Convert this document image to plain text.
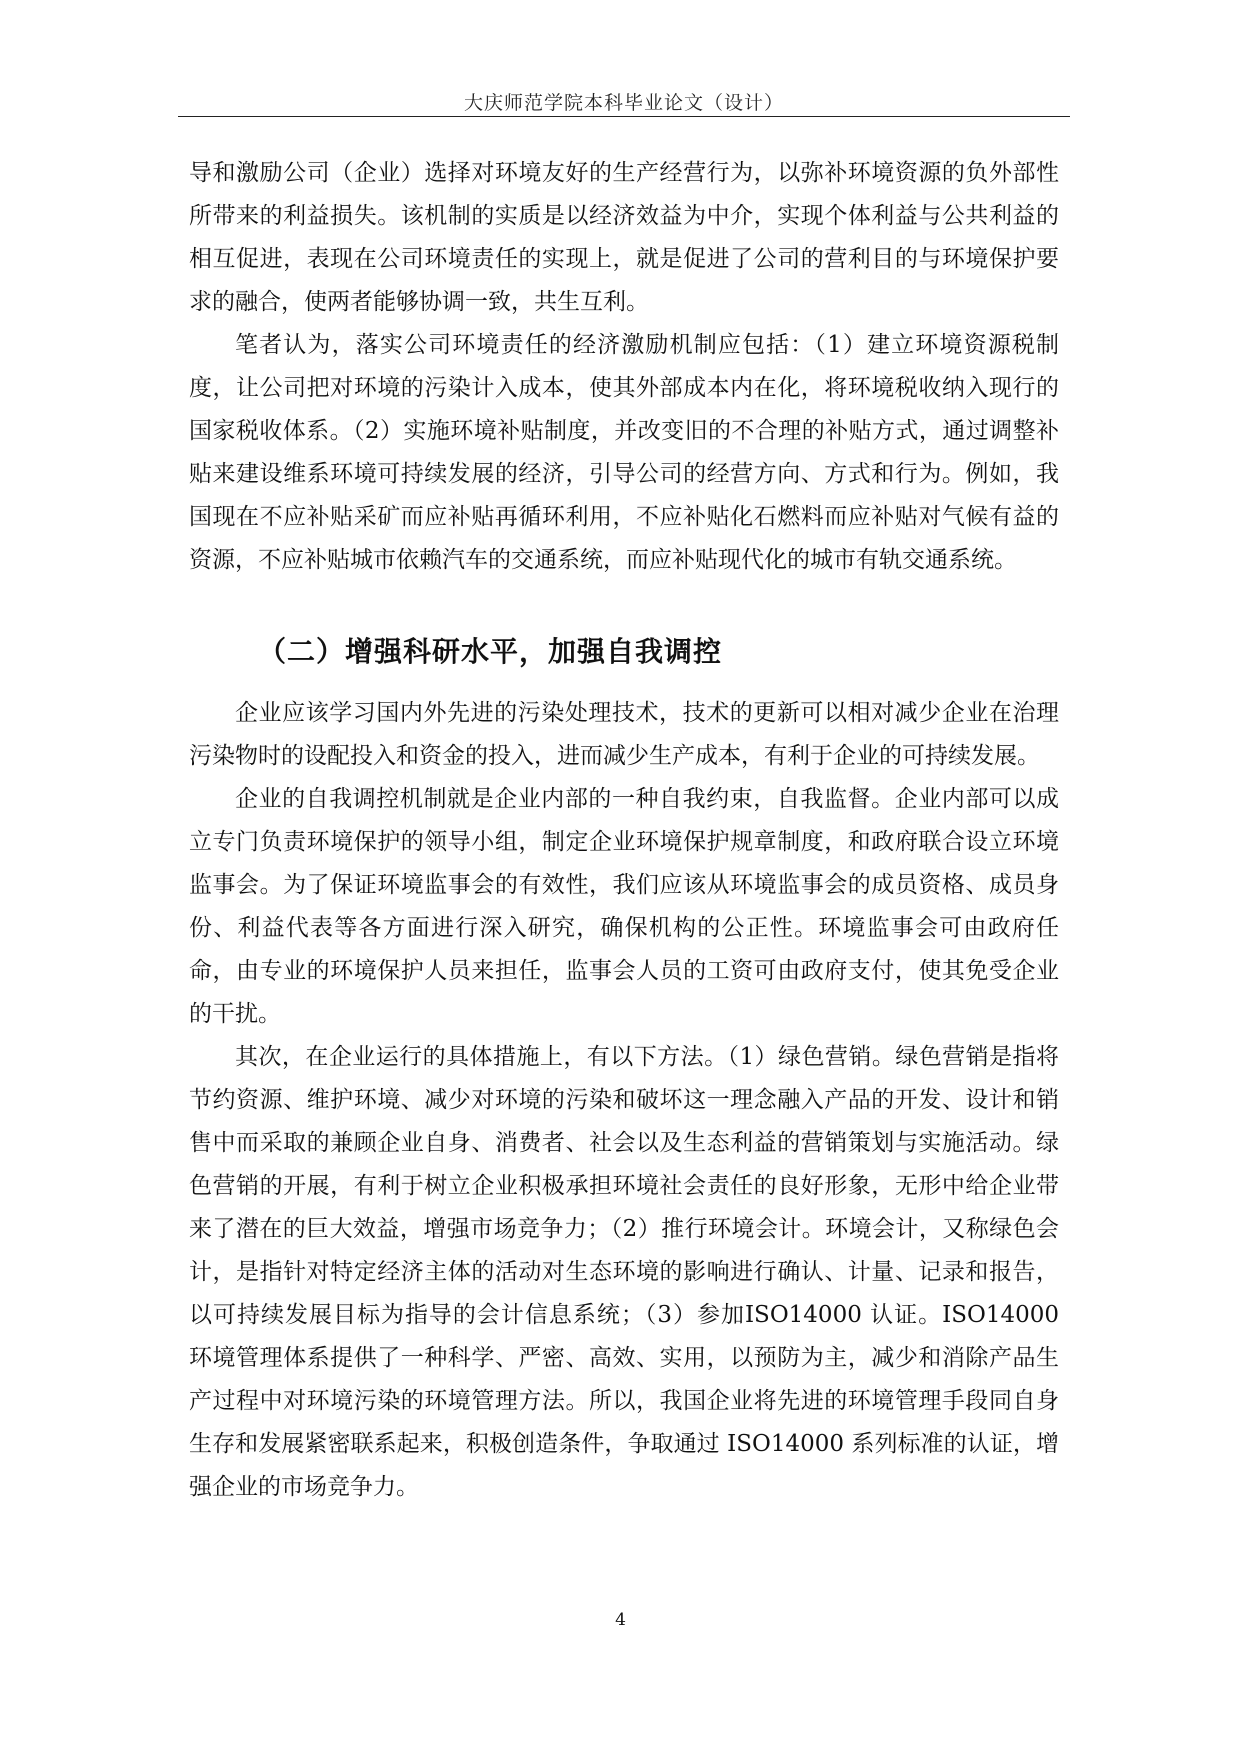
大庆师范学院本科毕业论文（设计）

导和激励公司（企业）选择对环境友好的生产经营行为，以弥补环境资源的负外部性所带来的利益损失。该机制的实质是以经济效益为中介，实现个体利益与公共利益的相互促进，表现在公司环境责任的实现上，就是促进了公司的营利目的与环境保护要求的融合，使两者能够协调一致，共生互利。

笔者认为，落实公司环境责任的经济激励机制应包括：（1）建立环境资源税制度，让公司把对环境的污染计入成本，使其外部成本内在化，将环境税收纳入现行的国家税收体系。（2）实施环境补贴制度，并改变旧的不合理的补贴方式，通过调整补贴来建设维系环境可持续发展的经济，引导公司的经营方向、方式和行为。例如，我国现在不应补贴采矿而应补贴再循环利用，不应补贴化石燃料而应补贴对气候有益的资源，不应补贴城市依赖汽车的交通系统，而应补贴现代化的城市有轨交通系统。

（二）增强科研水平，加强自我调控

企业应该学习国内外先进的污染处理技术，技术的更新可以相对减少企业在治理污染物时的设配投入和资金的投入，进而减少生产成本，有利于企业的可持续发展。

企业的自我调控机制就是企业内部的一种自我约束，自我监督。企业内部可以成立专门负责环境保护的领导小组，制定企业环境保护规章制度，和政府联合设立环境监事会。为了保证环境监事会的有效性，我们应该从环境监事会的成员资格、成员身份、利益代表等各方面进行深入研究，确保机构的公正性。环境监事会可由政府任命，由专业的环境保护人员来担任，监事会人员的工资可由政府支付，使其免受企业的干扰。

其次，在企业运行的具体措施上，有以下方法。（1）绿色营销。绿色营销是指将节约资源、维护环境、减少对环境的污染和破坏这一理念融入产品的开发、设计和销售中而采取的兼顾企业自身、消费者、社会以及生态利益的营销策划与实施活动。绿色营销的开展，有利于树立企业积极承担环境社会责任的良好形象，无形中给企业带来了潜在的巨大效益，增强市场竞争力；（2）推行环境会计。环境会计，又称绿色会计，是指针对特定经济主体的活动对生态环境的影响进行确认、计量、记录和报告，以可持续发展目标为指导的会计信息系统；（3）参加ISO14000 认证。ISO14000 环境管理体系提供了一种科学、严密、高效、实用，以预防为主，减少和消除产品生产过程中对环境污染的环境管理方法。所以，我国企业将先进的环境管理手段同自身生存和发展紧密联系起来，积极创造条件，争取通过 ISO14000 系列标准的认证，增强企业的市场竞争力。

4
